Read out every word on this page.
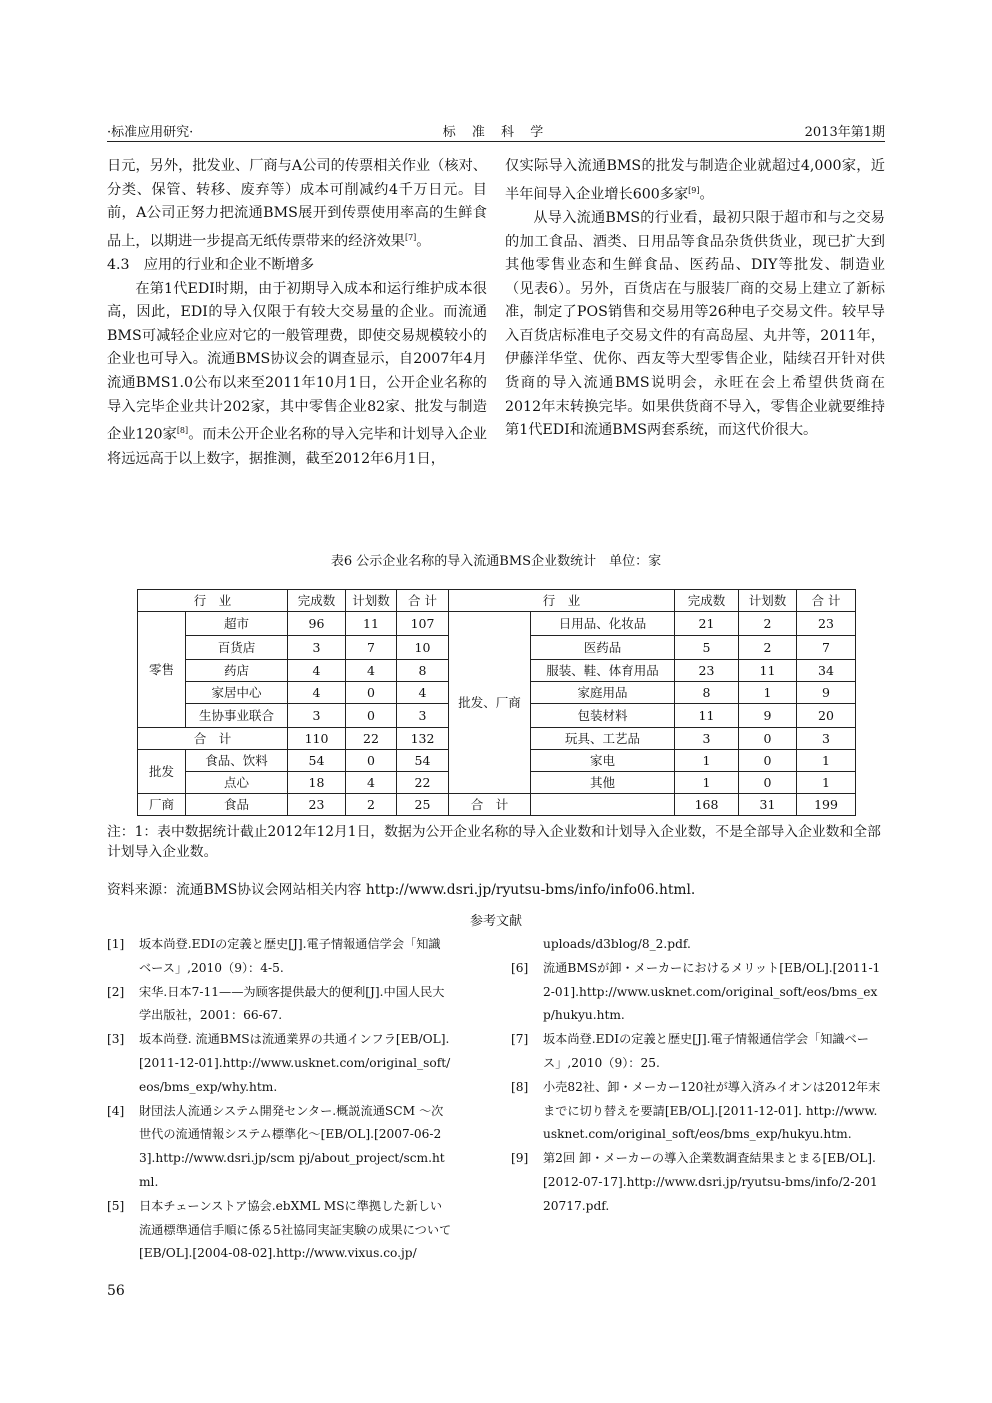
·标准应用研究·	标 准 科 学	2013年第1期

日元，另外，批发业、厂商与A公司的传票相关作业（核对、分类、保管、转移、废弃等）成本可削减约4千万日元。目前，A公司正努力把流通BMS展开到传票使用率高的生鲜食品上，以期进一步提高无纸传票带来的经济效果[7]。

4.3　应用的行业和企业不断增多

在第1代EDI时期，由于初期导入成本和运行维护成本很高，因此，EDI的导入仅限于有较大交易量的企业。而流通BMS可减轻企业应对它的一般管理费，即使交易规模较小的企业也可导入。流通BMS协议会的调查显示，自2007年4月流通BMS1.0公布以来至2011年10月1日，公开企业名称的导入完毕企业共计202家，其中零售企业82家、批发与制造企业120家[8]。而未公开企业名称的导入完毕和计划导入企业将远远高于以上数字，据推测，截至2012年6月1日，

仅实际导入流通BMS的批发与制造企业就超过4,000家，近半年间导入企业增长600多家[9]。

从导入流通BMS的行业看，最初只限于超市和与之交易的加工食品、酒类、日用品等食品杂货供货业，现已扩大到其他零售业态和生鲜食品、医药品、DIY等批发、制造业（见表6）。另外，百货店在与服装厂商的交易上建立了新标准，制定了POS销售和交易用等26种电子交易文件。较早导入百货店标准电子交易文件的有高岛屋、丸井等，2011年，伊藤洋华堂、优你、西友等大型零售企业，陆续召开针对供货商的导入流通BMS说明会，永旺在会上希望供货商在2012年末转换完毕。如果供货商不导入，零售企业就要维持第1代EDI和流通BMS两套系统，而这代价很大。

表6 公示企业名称的导入流通BMS企业数统计　单位：家
行　业		完成数	计划数	合 计	行　业		完成数	计划数	合 计
零售	超市	96	11	107	批发、厂商	日用品、化妆品	21	2	23
	百货店	3	7	10		医药品	5	2	7
	药店	4	4	8		服装、鞋、体育用品	23	11	34
	家居中心	4	0	4		家庭用品	8	1	9
	生协事业联合	3	0	3		包装材料	11	9	20
合　计		110	22	132		玩具、工艺品	3	0	3
批发	食品、饮料	54	0	54		家电	1	0	1
	点心	18	4	22		其他	1	0	1
厂商	食品	23	2	25	合　计		168	31	199
注：1：表中数据统计截止2012年12月1日，数据为公开企业名称的导入企业数和计划导入企业数，不是全部导入企业数和全部计划导入企业数。
资料来源：流通BMS协议会网站相关内容 http://www.dsri.jp/ryutsu-bms/info/info06.html.
参考文献

[1] 坂本尚登.EDIの定義と歴史[J].電子情報通信学会「知識ベース」,2010（9）：4-5.

[2] 宋华.日本7-11——为顾客提供最大的便利[J].中国人民大学出版社，2001：66-67.

[3] 坂本尚登. 流通BMSは流通業界の共通インフラ[EB/OL].[2011-12-01].http://www.usknet.com/original_soft/eos/bms_exp/why.htm.

[4] 財団法人流通システム開発センター.概説流通SCM ～次世代の流通情報システム標準化～[EB/OL].[2007-06-23].http://www.dsri.jp/scm pj/about_project/scm.html.

[5] 日本チェーンストア協会.ebXML MSに準拠した新しい流通標準通信手順に係る5社協同実証実験の成果について[EB/OL].[2004-08-02].http://www.vixus.co.jp/

uploads/d3blog/8_2.pdf.

[6] 流通BMSが卸・メーカーにおけるメリット[EB/OL].[2011-12-01].http://www.usknet.com/original_soft/eos/bms_exp/hukyu.htm.

[7] 坂本尚登.EDIの定義と歴史[J].電子情報通信学会「知識ベース」,2010（9）：25.

[8] 小売82社、卸・メーカー120社が導入済みイオンは2012年末までに切り替えを要請[EB/OL].[2011-12-01]. http://www.usknet.com/original_soft/eos/bms_exp/hukyu.htm.

[9] 第2回 卸・メーカーの導入企業数調査結果まとまる[EB/OL].[2012-07-17].http://www.dsri.jp/ryutsu-bms/info/2-20120717.pdf.

56
